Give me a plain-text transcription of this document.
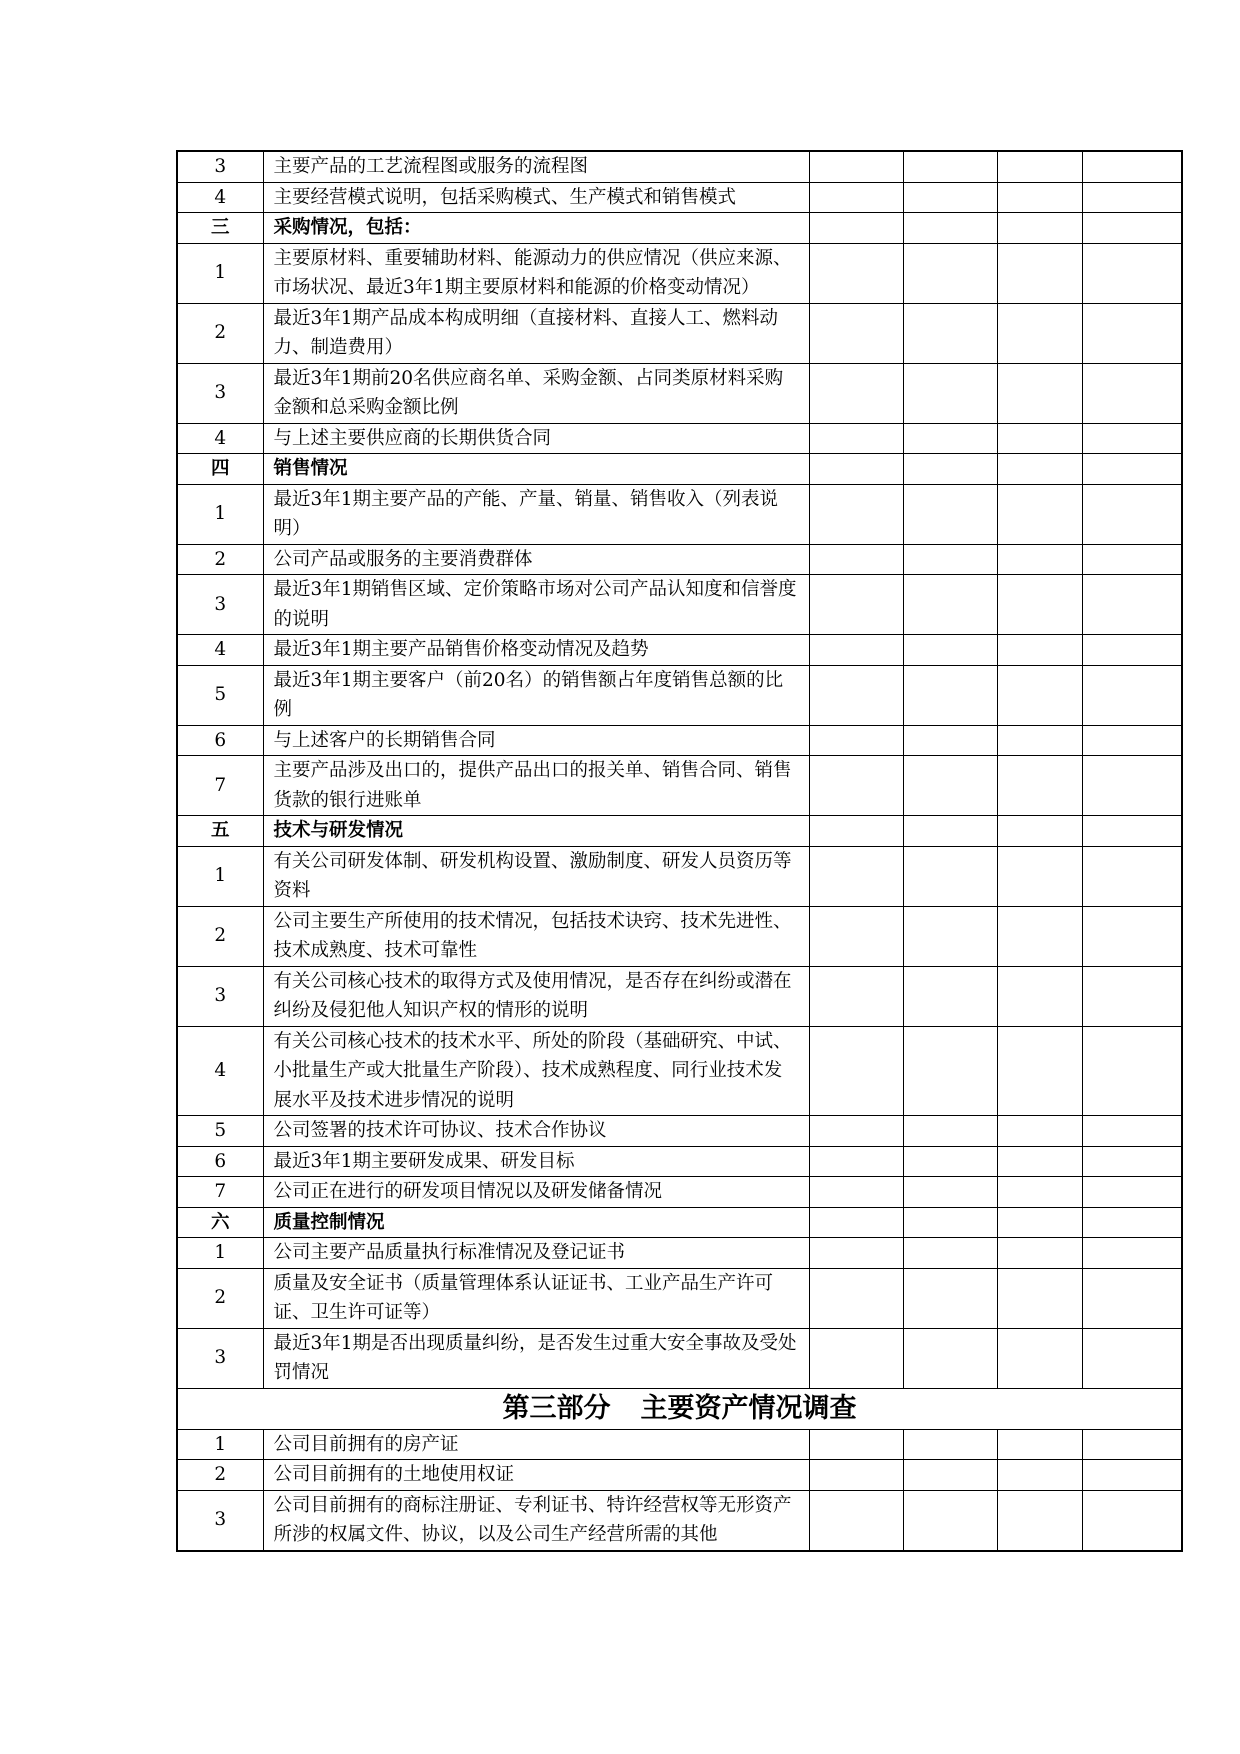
3	主要产品的工艺流程图或服务的流程图				
4	主要经营模式说明，包括采购模式、生产模式和销售模式				
三	采购情况，包括：				
1	主要原材料、重要辅助材料、能源动力的供应情况（供应来源、市场状况、最近3年1期主要原材料和能源的价格变动情况）				
2	最近3年1期产品成本构成明细（直接材料、直接人工、燃料动力、制造费用）				
3	最近3年1期前20名供应商名单、采购金额、占同类原材料采购金额和总采购金额比例				
4	与上述主要供应商的长期供货合同				
四	销售情况				
1	最近3年1期主要产品的产能、产量、销量、销售收入（列表说明）				
2	公司产品或服务的主要消费群体				
3	最近3年1期销售区域、定价策略市场对公司产品认知度和信誉度的说明				
4	最近3年1期主要产品销售价格变动情况及趋势				
5	最近3年1期主要客户（前20名）的销售额占年度销售总额的比例				
6	与上述客户的长期销售合同				
7	主要产品涉及出口的，提供产品出口的报关单、销售合同、销售货款的银行进账单				
五	技术与研发情况				
1	有关公司研发体制、研发机构设置、激励制度、研发人员资历等资料				
2	公司主要生产所使用的技术情况，包括技术诀窍、技术先进性、技术成熟度、技术可靠性				
3	有关公司核心技术的取得方式及使用情况，是否存在纠纷或潜在纠纷及侵犯他人知识产权的情形的说明				
4	有关公司核心技术的技术水平、所处的阶段（基础研究、中试、小批量生产或大批量生产阶段）、技术成熟程度、同行业技术发展水平及技术进步情况的说明				
5	公司签署的技术许可协议、技术合作协议				
6	最近3年1期主要研发成果、研发目标				
7	公司正在进行的研发项目情况以及研发储备情况				
六	质量控制情况				
1	公司主要产品质量执行标准情况及登记证书				
2	质量及安全证书（质量管理体系认证证书、工业产品生产许可证、卫生许可证等）				
3	最近3年1期是否出现质量纠纷，是否发生过重大安全事故及受处罚情况				
第三部分 主要资产情况调查					
1	公司目前拥有的房产证				
2	公司目前拥有的土地使用权证				
3	公司目前拥有的商标注册证、专利证书、特许经营权等无形资产所涉的权属文件、协议，以及公司生产经营所需的其他				
